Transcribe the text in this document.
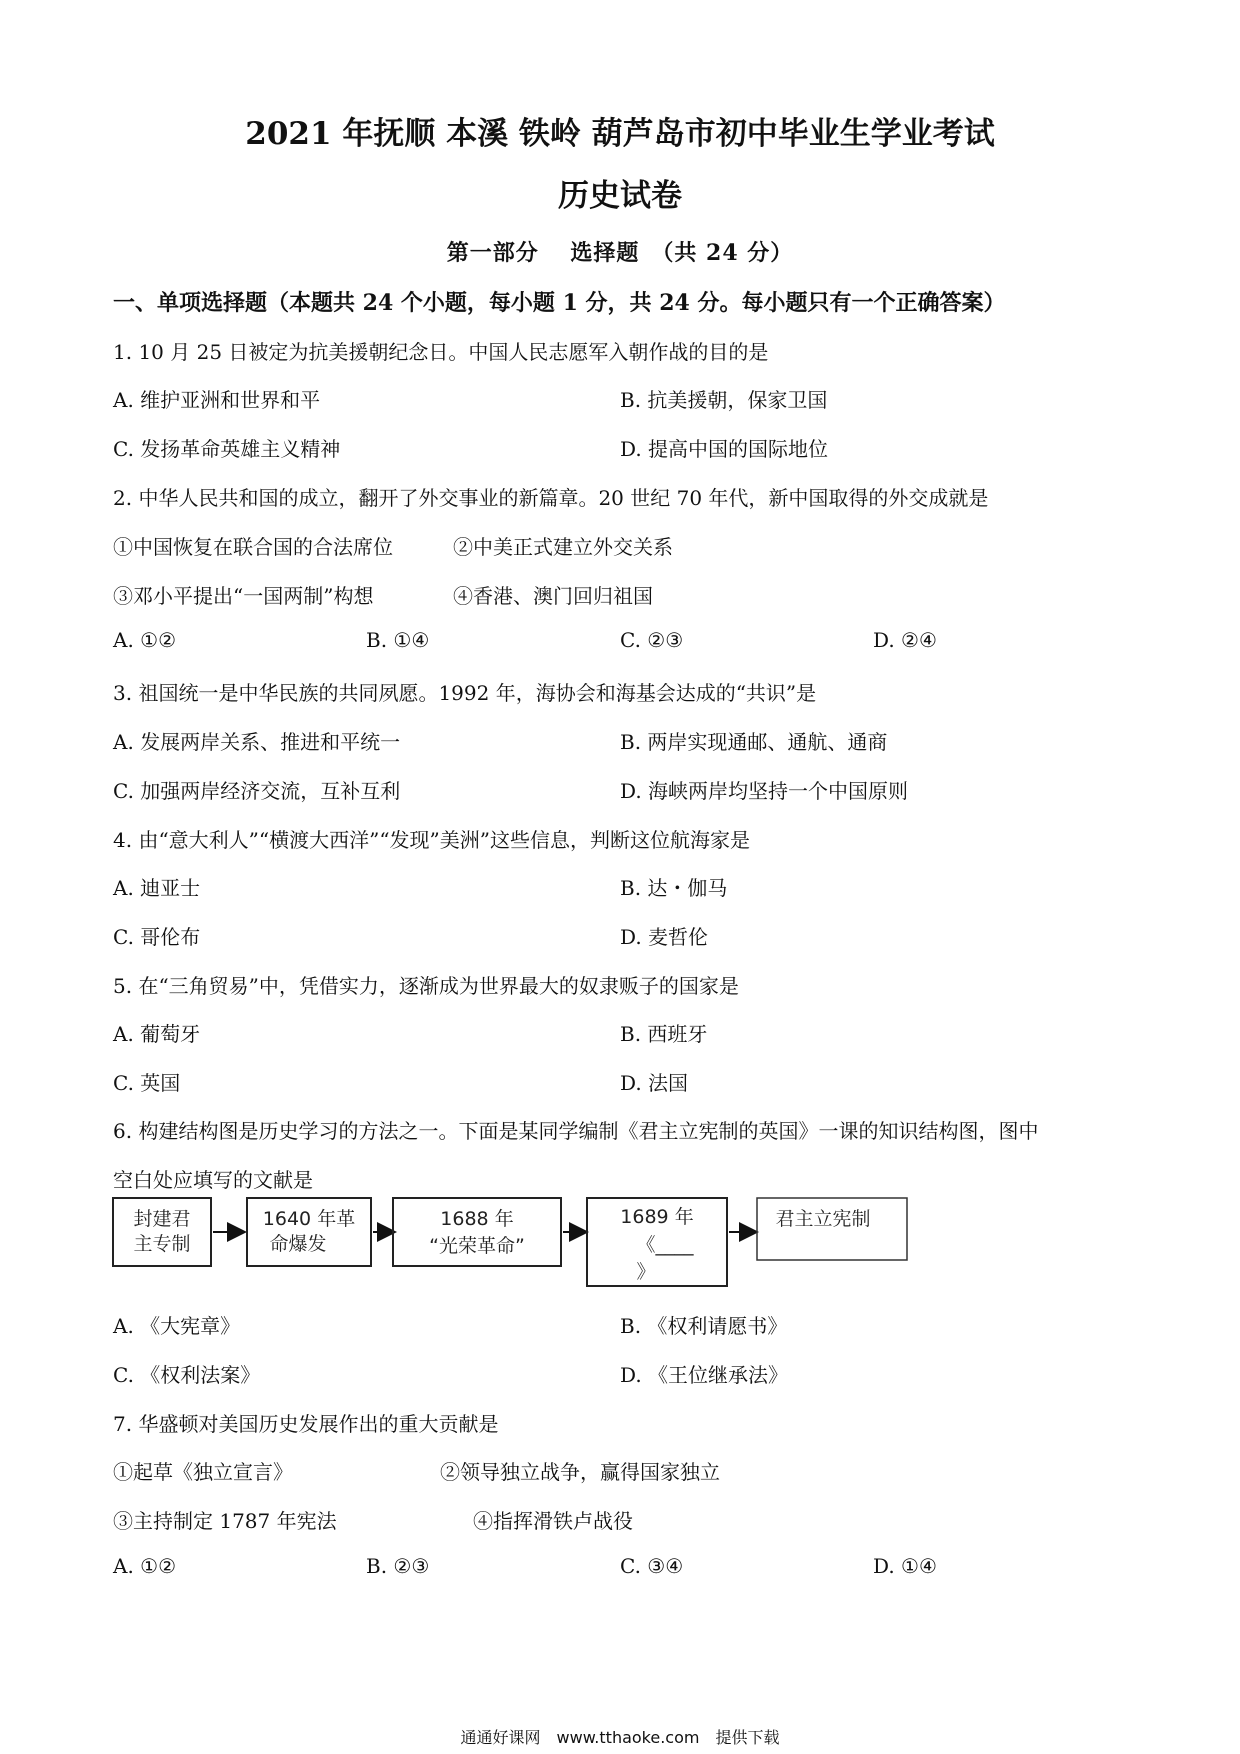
2021 年抚顺 本溪 铁岭 葫芦岛市初中毕业生学业考试
历史试卷
第一部分　 选择题　（共 24 分）
一、单项选择题（本题共 24 个小题，每小题 1 分，共 24 分。每小题只有一个正确答案）
1. 10 月 25 日被定为抗美援朝纪念日。中国人民志愿军入朝作战的目的是
A. 维护亚洲和世界和平	B. 抗美援朝，保家卫国
C. 发扬革命英雄主义精神	D. 提高中国的国际地位
2. 中华人民共和国的成立，翻开了外交事业的新篇章。20 世纪 70 年代，新中国取得的外交成就是
①中国恢复在联合国的合法席位	②中美正式建立外交关系
③邓小平提出“一国两制”构想	④香港、澳门回归祖国
A. ①②	B. ①④	C. ②③	D. ②④
3. 祖国统一是中华民族的共同夙愿。1992 年，海协会和海基会达成的“共识”是
A. 发展两岸关系、推进和平统一	B. 两岸实现通邮、通航、通商
C. 加强两岸经济交流，互补互利	D. 海峡两岸均坚持一个中国原则
4. 由“意大利人”“横渡大西洋”“发现”美洲”这些信息，判断这位航海家是
A. 迪亚士	B. 达・伽马
C. 哥伦布	D. 麦哲伦
5. 在“三角贸易”中，凭借实力，逐渐成为世界最大的奴隶贩子的国家是
A. 葡萄牙	B. 西班牙
C. 英国	D. 法国
6. 构建结构图是历史学习的方法之一。下面是某同学编制《君主立宪制的英国》一课的知识结构图，图中
空白处应填写的文献是
封建君
主专制
1640 年革
命爆发
1688 年
“光荣革命”
1689 年
《____
》
君主立宪制
A. 《大宪章》	B. 《权利请愿书》
C. 《权利法案》	D. 《王位继承法》
7. 华盛顿对美国历史发展作出的重大贡献是
①起草《独立宣言》	②领导独立战争，赢得国家独立
③主持制定 1787 年宪法	④指挥滑铁卢战役
A. ①②	B. ②③	C. ③④	D. ①④
通通好课网　www.tthaoke.com　提供下载
